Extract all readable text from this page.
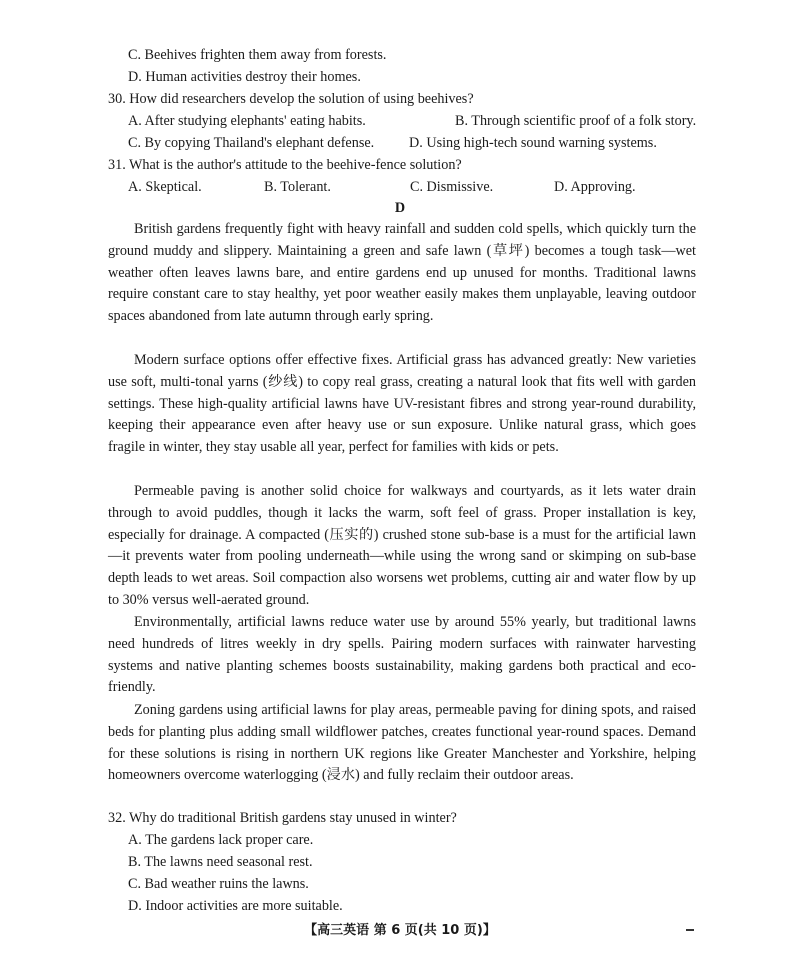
C. Beehives frighten them away from forests.
D. Human activities destroy their homes.
30. How did researchers develop the solution of using beehives?
A. After studying elephants' eating habits.	B. Through scientific proof of a folk story.
C. By copying Thailand's elephant defense. D. Using high-tech sound warning systems.
31. What is the author's attitude to the beehive-fence solution?
A. Skeptical.	B. Tolerant.	C. Dismissive.	D. Approving.
D

British gardens frequently fight with heavy rainfall and sudden cold spells, which quickly turn the ground muddy and slippery. Maintaining a green and safe lawn (草坪) becomes a tough task—wet weather often leaves lawns bare, and entire gardens end up unused for months. Traditional lawns require constant care to stay healthy, yet poor weather easily makes them unplayable, leaving outdoor spaces abandoned from late autumn through early spring.

Modern surface options offer effective fixes. Artificial grass has advanced greatly: New varieties use soft, multi-tonal yarns (纱线) to copy real grass, creating a natural look that fits well with garden settings. These high-quality artificial lawns have UV-resistant fibres and strong year-round durability, keeping their appearance even after heavy use or sun exposure. Unlike natural grass, which goes fragile in winter, they stay usable all year, perfect for families with kids or pets.

Permeable paving is another solid choice for walkways and courtyards, as it lets water drain through to avoid puddles, though it lacks the warm, soft feel of grass. Proper installation is key, especially for drainage. A compacted (压实的) crushed stone sub-base is a must for the artificial lawn—it prevents water from pooling underneath—while using the wrong sand or skimping on sub-base depth leads to wet areas. Soil compaction also worsens wet problems, cutting air and water flow by up to 30% versus well-aerated ground.

Environmentally, artificial lawns reduce water use by around 55% yearly, but traditional lawns need hundreds of litres weekly in dry spells. Pairing modern surfaces with rainwater harvesting systems and native planting schemes boosts sustainability, making gardens both practical and eco-friendly.

Zoning gardens using artificial lawns for play areas, permeable paving for dining spots, and raised beds for planting plus adding small wildflower patches, creates functional year-round spaces. Demand for these solutions is rising in northern UK regions like Greater Manchester and Yorkshire, helping homeowners overcome waterlogging (浸水) and fully reclaim their outdoor areas.

32. Why do traditional British gardens stay unused in winter?
A. The gardens lack proper care.
B. The lawns need seasonal rest.
C. Bad weather ruins the lawns.
D. Indoor activities are more suitable.
【高三英语 第 6 页(共 10 页)】
